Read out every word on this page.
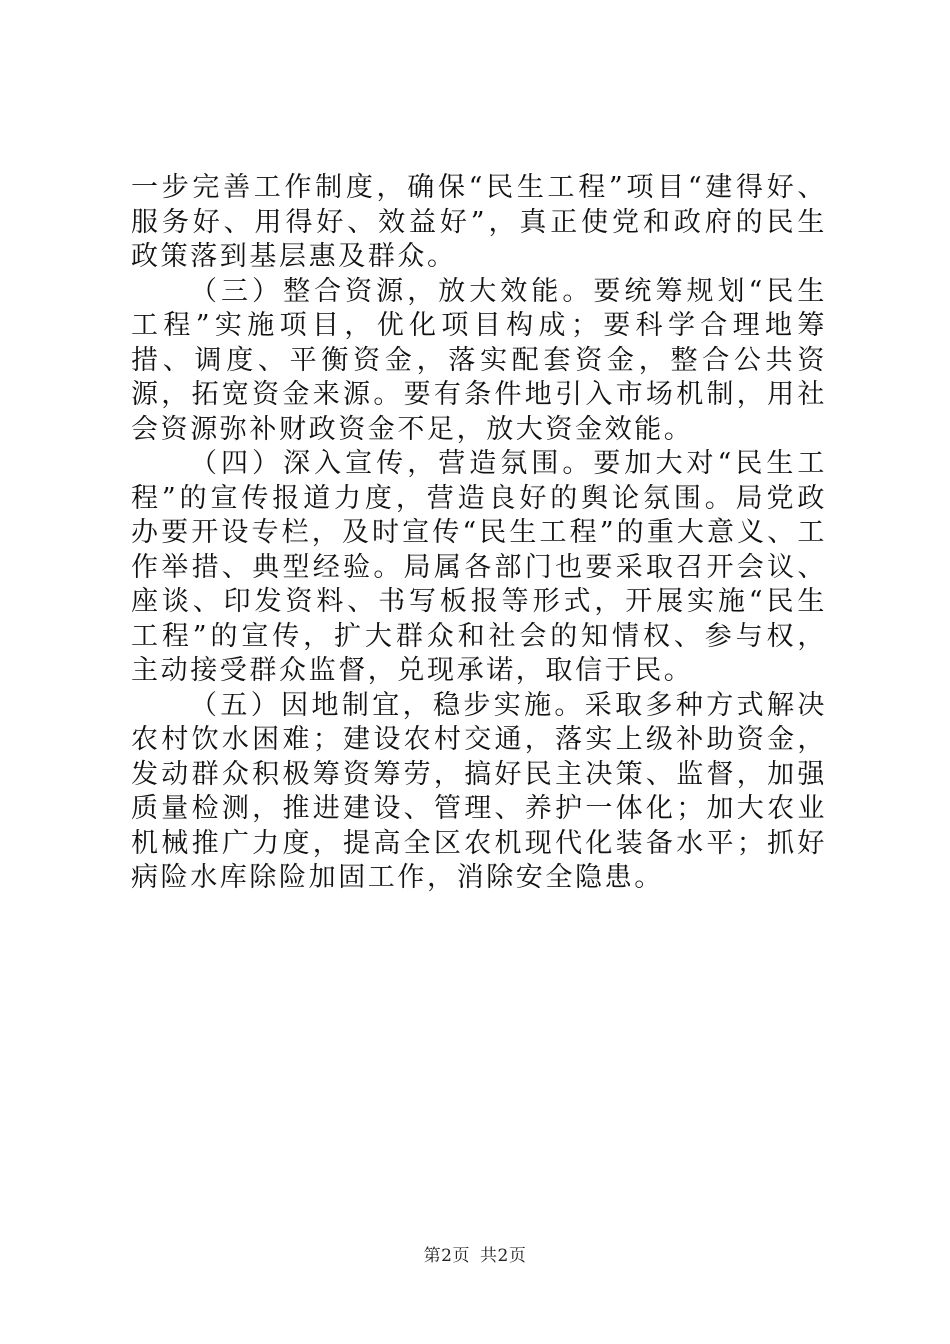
一步完善工作制度，确保“民生工程”项目“建得好、服务好、用得好、效益好”，真正使党和政府的民生政策落到基层惠及群众。

（三）整合资源，放大效能。要统筹规划“民生工程”实施项目，优化项目构成；要科学合理地筹措、调度、平衡资金，落实配套资金，整合公共资源，拓宽资金来源。要有条件地引入市场机制，用社会资源弥补财政资金不足，放大资金效能。

（四）深入宣传，营造氛围。要加大对“民生工程”的宣传报道力度，营造良好的舆论氛围。局党政办要开设专栏，及时宣传“民生工程”的重大意义、工作举措、典型经验。局属各部门也要采取召开会议、座谈、印发资料、书写板报等形式，开展实施“民生工程”的宣传，扩大群众和社会的知情权、参与权，主动接受群众监督，兑现承诺，取信于民。

（五）因地制宜，稳步实施。采取多种方式解决农村饮水困难；建设农村交通，落实上级补助资金，发动群众积极筹资筹劳，搞好民主决策、监督，加强质量检测，推进建设、管理、养护一体化；加大农业机械推广力度，提高全区农机现代化装备水平；抓好病险水库除险加固工作，消除安全隐患。

第2页 共2页
